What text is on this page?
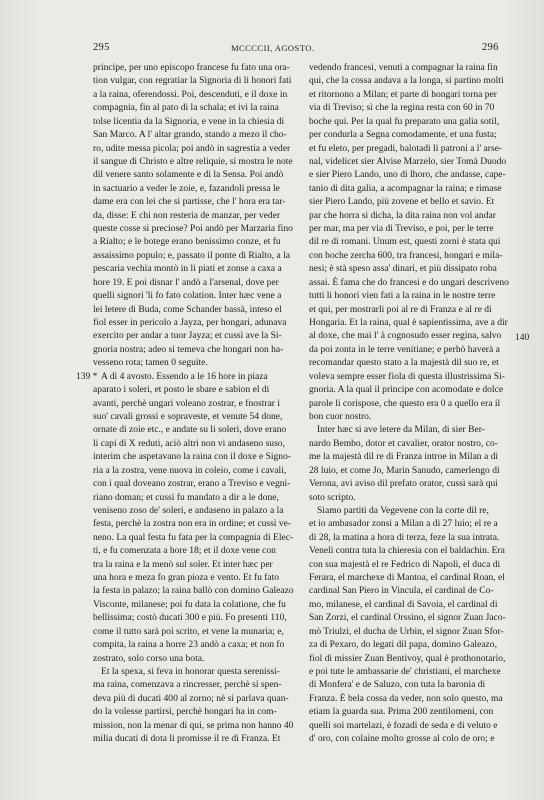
295	MCCCCII, AGOSTO.	296
139 *
140
principe, per uno episcopo francese fu fato una ora-
tion vulgar, con regratiar la Signoria di li honori fati
a la raina, oferendossi. Poi, descenduti, e il doxe in
compagnia, fin al pato di la schala; et ivi la raina
tolse licentia da la Signoria, e vene in la chiesia di
San Marco. A l' altar grando, stando a mezo il cho-
ro, udite messa picola; poi andò in sagrestia a veder
il sangue di Christo e altre reliquie, si mostra le note
dil venere santo solamente e di la Sensa. Poi andò
in sactuario a veder le zoie, e, fazandoli pressa le
dame era con lei che si partisse, che l' hora era tar-
da, disse: E chi non resteria de manzar, per veder
queste cosse sì preciose? Poi andò per Marzaria fino
a Rialto; e le botege erano benissimo conze, et fu
assaissimo populo; e, passato il ponte di Rialto, a la
pescaria vechia montò in li piati et zonse a caxa a
hore 19. E poi disnar l' andò a l'arsenal, dove per
quelli signori 'li fo fato colation. Inter hæc vene a
lei letere di Buda, come Schander bassà, inteso el
fiol esser in pericolo a Jayza, per hongari, adunava
exercito per andar a tuor Jayza; et cussì ave la Si-
gnoria nostra; adeo si temeva che hongari non ha-
vesseno rota; tamen 0 seguite.
A dì 4 avosto. Essendo a le 16 hore in piaza
aparato i soleri, et posto le sbare e sabion el di
avanti, perchè ungari voleano zostrar, e fnostrar i
suo' cavali grossi e sopraveste, et venute 54 done,
ornate di zoie etc., e andate su li soleri, dove erano
li capi di X reduti, aciò altri non vi andaseno suso,
interim che aspetavano la raina con il doxe e Signo-
ria a la zostra, vene nuova in coleio, come i cavali,
con i qual doveano zostrar, erano a Treviso e vegni-
riano doman; et cussì fu mandato a dir a le done,
veniseno zoso de' soleri, e andaseno in palazo a la
festa, perchè la zostra non era in ordine; et cussì ve-
neno. La qual festa fu fata per la compagnia di Elec-
ti, e fu comenzata a hore 18; et il doxe vene con
tra la raina e la menò sul soler. Et inter hæc per
una hora e meza fo gran pioza e vento. Et fu fato
la festa in palazo; la raina ballò con domino Galeazo
Visconte, milanese; poi fu data la colatione, che fu
bellissima; costò ducati 300 e più. Fo presenti 110,
come il tutto sarà poi scrito, et vene la munaria; e,
compita, la raina a horre 23 andò a caxa; et non fo
zostrato, solo corso una bota.
Et la spexa, si feva in honorar questa serenissi-
ma raina, comenzava a rincresser, perchè si spen-
deva più di ducati 400 al zorno; nè si parlava quan-
do la volesse partirsi, perchè hongari ha in com-
mission, non la menar di qui, se prima non hanno 40
milia ducati di dota li promisse il re di Franza. Et
vedendo francesi, venuti a compagnar la raina fin
qui, che la cossa andava a la longa, si partino molti
et ritornono a Milan; et parte di hongari torna per
via di Treviso; sì che la regina resta con 60 in 70
boche qui. Per la qual fu preparato una galia sotil,
per condurla a Segna comodamente, et una fusta;
et fu eleto, per pregadi, balotadi li patroni a l' arse-
nal, videlicet sier Alvise Marzelo, sier Tomà Duodo
e sier Piero Lando, uno di lhoro, che andasse, cape-
tanio di dita galia, a acompagnar la raina; e rimase
sier Piero Lando, più zovene et bello et savio. Et
par che horra si dicha, la dita raina non vol andar
per mar, ma per via di Treviso, e poi, per le terre
dil re di romani. Unum est, questi zorni è stata qui
con boche zercha 600, tra francesi, hongari e mila-
nesi; è stà speso assa' dinari, et più dissipato roba
assai. È fama che do francesi e do ungari descriveno
tutti li honori vien fati a la raina in le nostre terre
et qui, per mostrarli poi al re di Franza e al re di
Hongaria. Et la raina, qual è sapientissima, ave a dir
al doxe, che mai l' à cognosudo esser regina, salvo
da poi zonta in le terre venitiane; e perhò haverà a
recomandar questo stato a la majestà dil suo re, et
voleva sempre esser fiola di questa illustrissima Si-
gnoria. A la qual il principe con acomodate e dolce
parole li corispose, che questo era 0 a quello era il
bon cuor nostro.
Inter hæc si ave letere da Milan, di sier Ber-
nardo Bembo, dotor et cavalier, orator nostro, co-
me la majestà dil re di Franza introe in Milan a dì
28 luio, et come Jo, Marin Sanudo, camerlengo di
Verona, avi aviso dil prefato orator, cussì sarà qui
soto scripto.
Siamo partiti da Vegevene con la corte dil re,
et io ambasador zonsi a Milan a dì 27 luio; el re a
dì 28, la matina a hora di terza, feze la sua intrata.
Veneli contra tuta la chieresia con el baldachin. Era
con sua majestà el re Fedrico di Napoli, el duca di
Ferara, el marchexe di Mantoa, el cardinal Roan, el
cardinal San Piero in Vincula, el cardinal de Co-
mo, milanese, el cardinal di Savoia, el cardinal di
San Zorzi, el cardinal Orssino, el signor Zuan Jaco-
mò Triulzi, el ducha de Urbin, el signor Zuan Sfor-
za di Pexaro, do legati dil papa, domino Galeazo,
fiol di missier Zuan Bentivoy, qual è prothonotario,
e poi tute le ambassarie de' christiani, el marchexe
di Monfera' e de Saluzo, con tuta la baronia di
Franza. È bela cossa da veder, non solo questo, ma
etiam la guarda sua. Prima 200 zentilomeni, con
quelli soi martelazi, è fozadi de seda e di veluto e
d' oro, con colaine molto grosse al colo de oro; e
